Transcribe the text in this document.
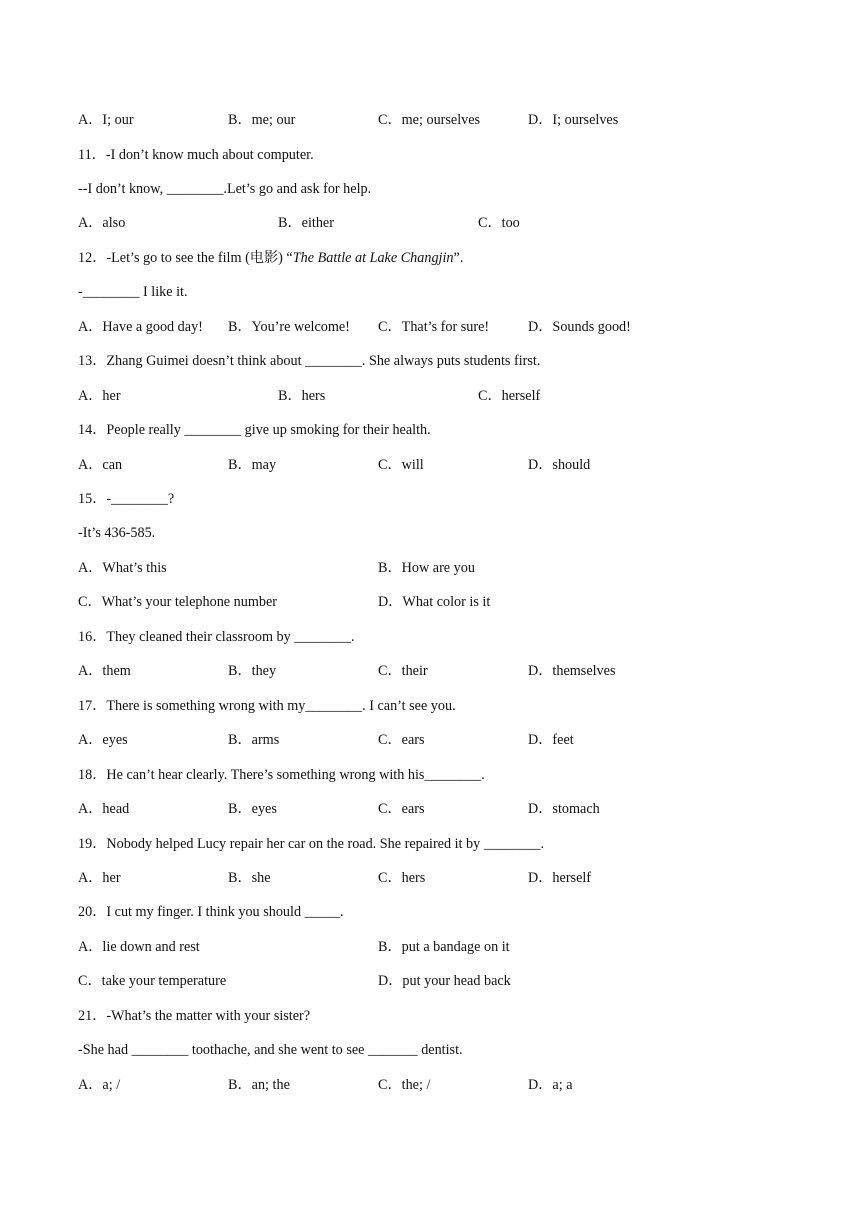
A．I; our	B．me; our	C．me; ourselves	D．I; ourselves
11．-I don’t know much about computer.
--I don’t know, ________.Let’s go and ask for help.
A．also	B．either	C．too
12．-Let’s go to see the film (电影) “The Battle at Lake Changjin”.
-________ I like it.
A．Have a good day! B．You’re welcome! C．That’s for sure!	D．Sounds good!
13．Zhang Guimei doesn’t think about ________. She always puts students first.
A．her	B．hers	C．herself
14．People really ________ give up smoking for their health.
A．can	B．may	C．will	D．should
15．-________?
-It’s 436-585.
A．What’s this	B．How are you
C．What’s your telephone number	D．What color is it
16．They cleaned their classroom by ________.
A．them	B．they	C．their	D．themselves
17．There is something wrong with my________. I can’t see you.
A．eyes	B．arms	C．ears	D．feet
18．He can’t hear clearly. There’s something wrong with his________.
A．head	B．eyes	C．ears	D．stomach
19．Nobody helped Lucy repair her car on the road. She repaired it by ________.
A．her	B．she	C．hers	D．herself
20．I cut my finger. I think you should _____.
A．lie down and rest	B．put a bandage on it
C．take your temperature	D．put your head back
21．-What’s the matter with your sister?
-She had ________ toothache, and she went to see _______ dentist.
A．a; /	B．an; the	C．the; /	D．a; a
